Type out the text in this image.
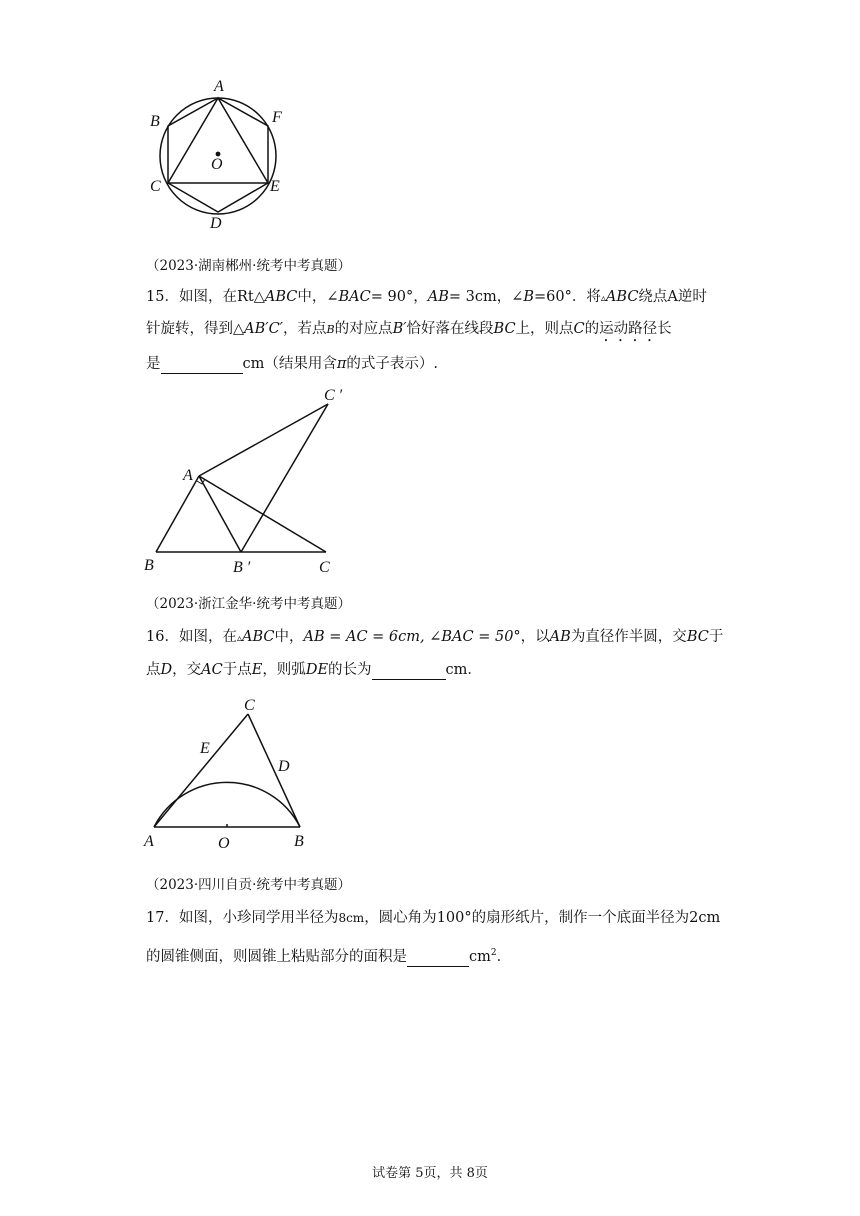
A
B
C
D
E
F
O
（2023·湖南郴州·统考中考真题）
15．如图，在Rt△ABC中，∠BAC= 90°，AB= 3cm，∠B=60°．将▵ABC绕点A逆时
针旋转，得到△AB′C′，若点B的对应点B′恰好落在线段BC上，则点C的运动路径长
是	cm（结果用含π的式子表示）.
A
B	B ′	C
C ′
（2023·浙江金华·统考中考真题）
16．如图，在▵ABC中，AB = AC = 6cm, ∠BAC = 50°，以AB为直径作半圆，交BC于
点D，交AC于点E，则弧DE的长为	cm．
C
E
D
A	O	B
（2023·四川自贡·统考中考真题）
17．如图，小珍同学用半径为8cm，圆心角为100°的扇形纸片，制作一个底面半径为2cm
的圆锥侧面，则圆锥上粘贴部分的面积是	$cm^2$．
试卷第 5页，共 8页
